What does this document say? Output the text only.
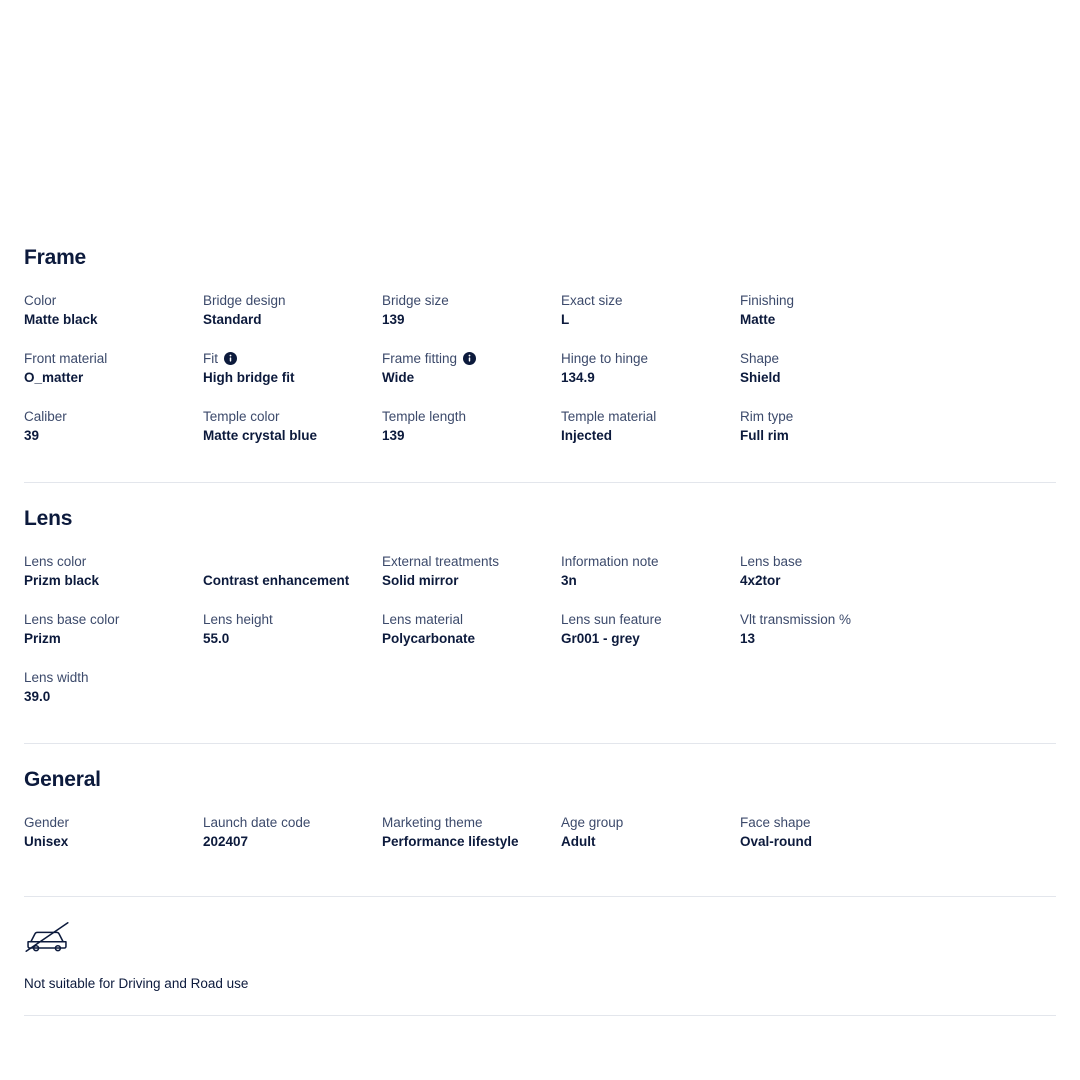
Frame
Color
Matte black
Bridge design
Standard
Bridge size
139
Exact size
L
Finishing
Matte
Front material
O_matter
Fit
High bridge fit
Frame fitting
Wide
Hinge to hinge
134.9
Shape
Shield
Caliber
39
Temple color
Matte crystal blue
Temple length
139
Temple material
Injected
Rim type
Full rim
Lens
Lens color
Prizm black
	Contrast enhancement
External treatments
Solid mirror
Information note
3n
Lens base
4x2tor
Lens base color
Prizm
Lens height
55.0
Lens material
Polycarbonate
Lens sun feature
Gr001 - grey
Vlt transmission %
13
Lens width
39.0
General
Gender
Unisex
Launch date code
202407
Marketing theme
Performance lifestyle
Age group
Adult
Face shape
Oval-round
Not suitable for Driving and Road use
